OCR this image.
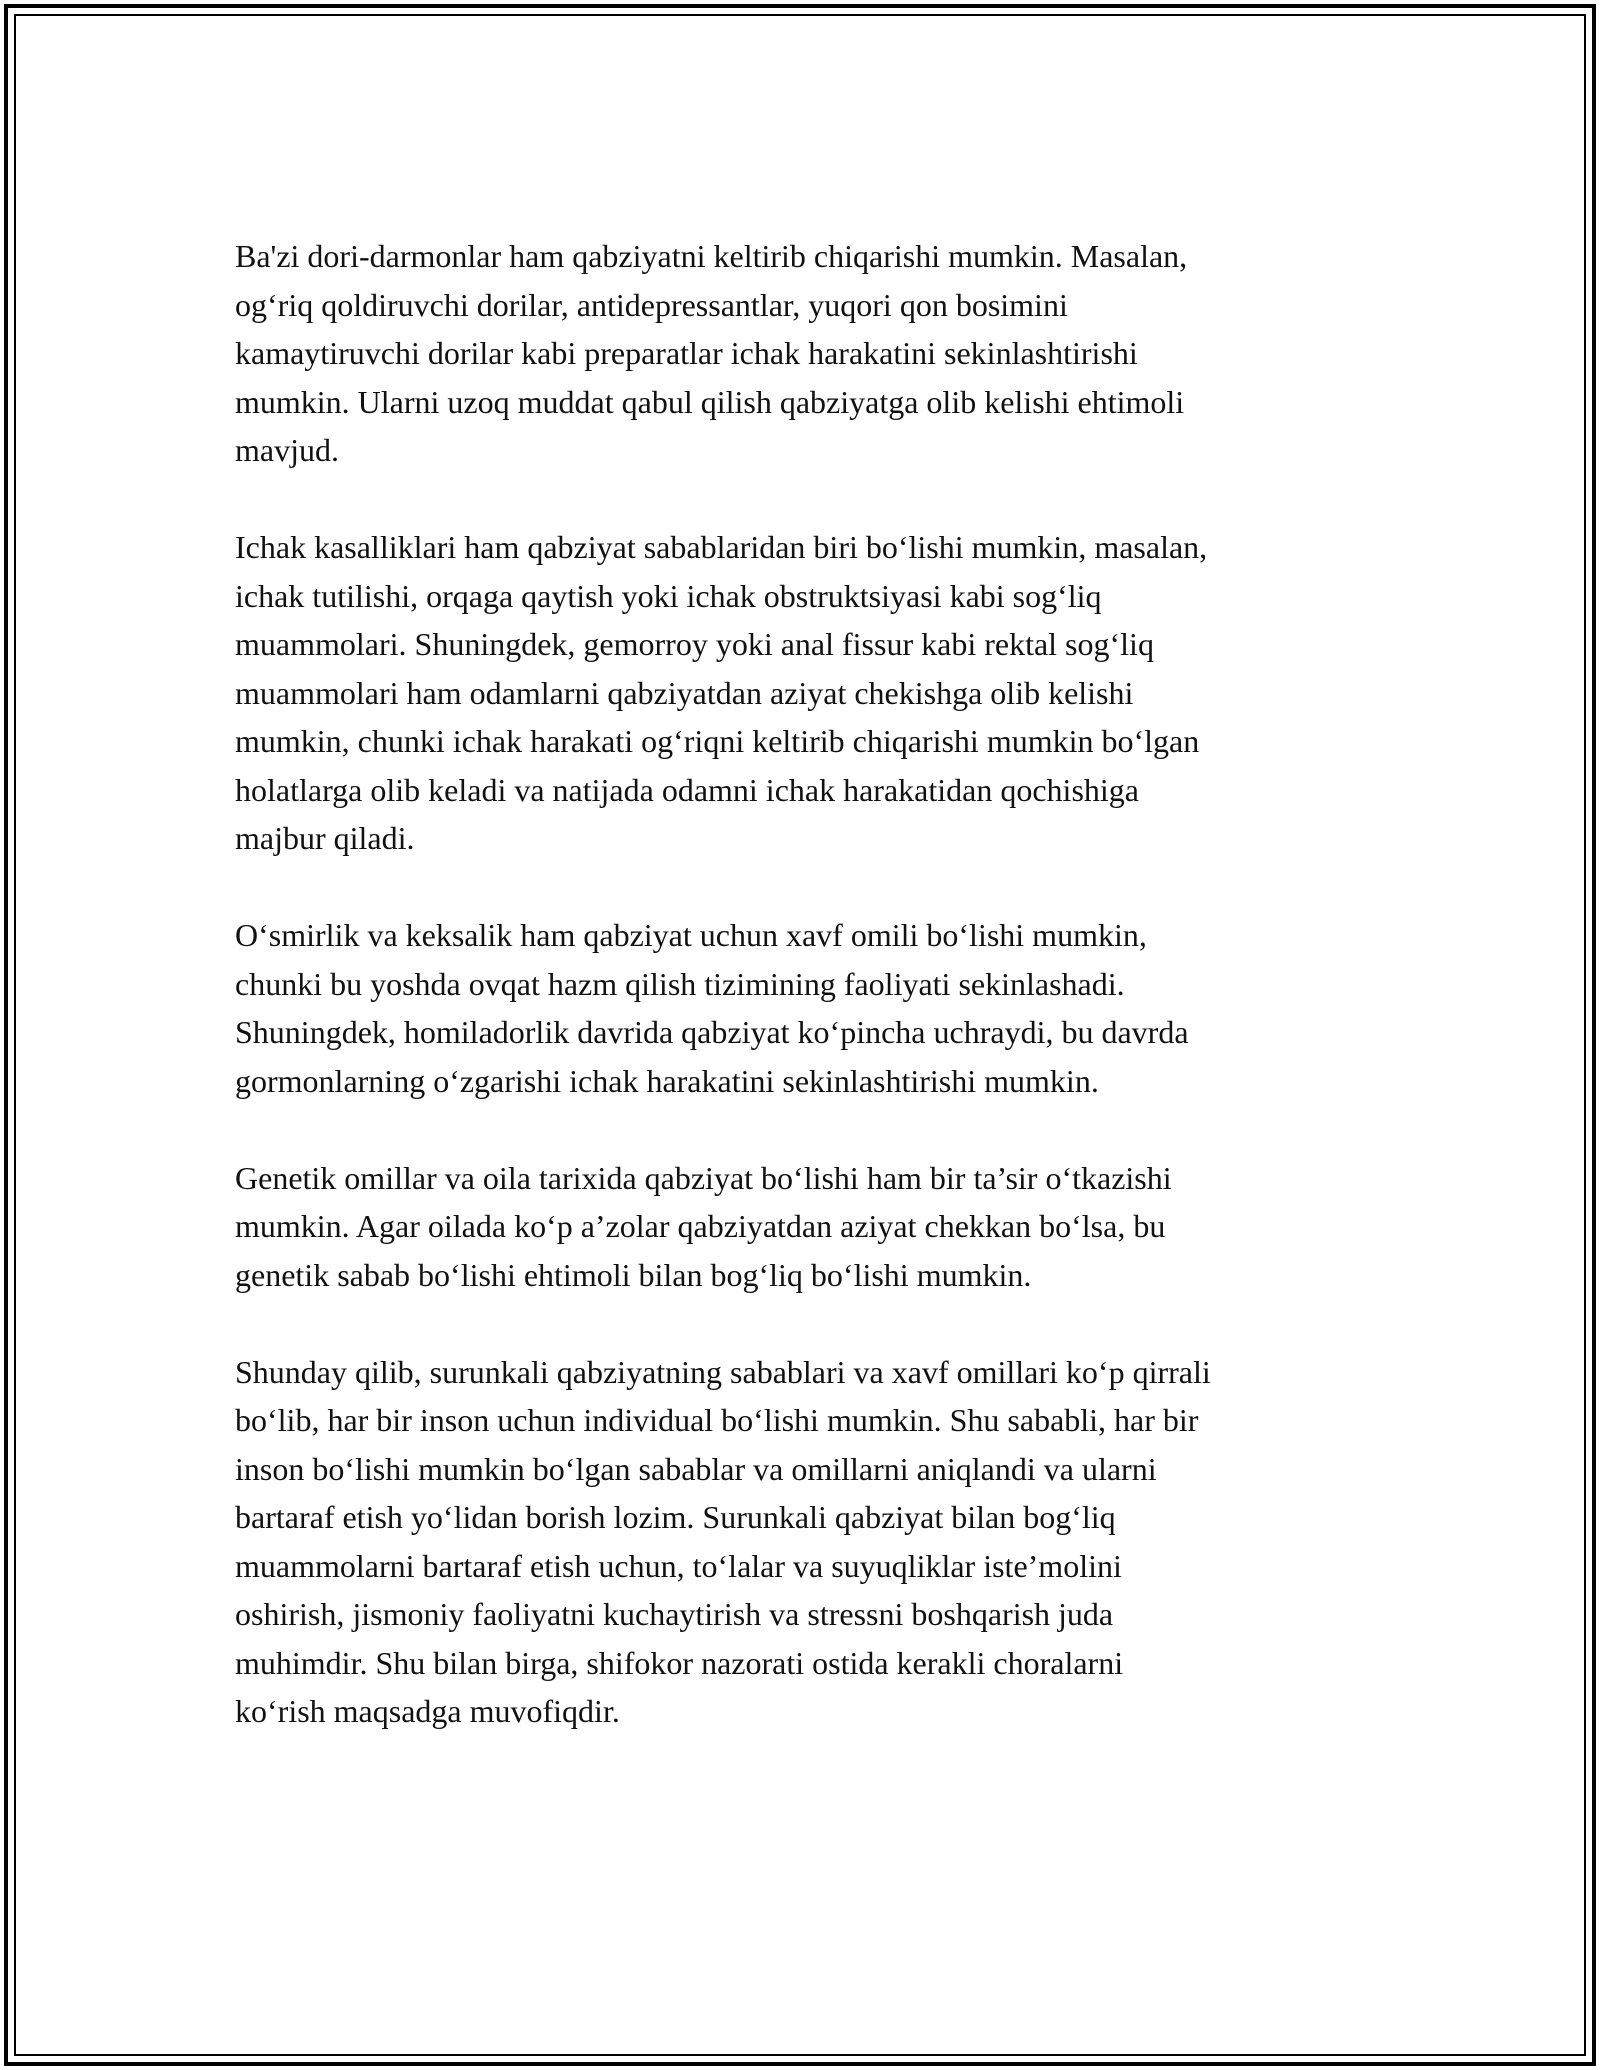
Ba'zi dori-darmonlar ham qabziyatni keltirib chiqarishi mumkin. Masalan,
og‘riq qoldiruvchi dorilar, antidepressantlar, yuqori qon bosimini
kamaytiruvchi dorilar kabi preparatlar ichak harakatini sekinlashtirishi
mumkin. Ularni uzoq muddat qabul qilish qabziyatga olib kelishi ehtimoli
mavjud.

Ichak kasalliklari ham qabziyat sabablaridan biri bo‘lishi mumkin, masalan,
ichak tutilishi, orqaga qaytish yoki ichak obstruktsiyasi kabi sog‘liq
muammolari. Shuningdek, gemorroy yoki anal fissur kabi rektal sog‘liq
muammolari ham odamlarni qabziyatdan aziyat chekishga olib kelishi
mumkin, chunki ichak harakati og‘riqni keltirib chiqarishi mumkin bo‘lgan
holatlarga olib keladi va natijada odamni ichak harakatidan qochishiga
majbur qiladi.

O‘smirlik va keksalik ham qabziyat uchun xavf omili bo‘lishi mumkin,
chunki bu yoshda ovqat hazm qilish tizimining faoliyati sekinlashadi.
Shuningdek, homiladorlik davrida qabziyat ko‘pincha uchraydi, bu davrda
gormonlarning o‘zgarishi ichak harakatini sekinlashtirishi mumkin.

Genetik omillar va oila tarixida qabziyat bo‘lishi ham bir ta’sir o‘tkazishi
mumkin. Agar oilada ko‘p a’zolar qabziyatdan aziyat chekkan bo‘lsa, bu
genetik sabab bo‘lishi ehtimoli bilan bog‘liq bo‘lishi mumkin.

Shunday qilib, surunkali qabziyatning sabablari va xavf omillari ko‘p qirrali
bo‘lib, har bir inson uchun individual bo‘lishi mumkin. Shu sababli, har bir
inson bo‘lishi mumkin bo‘lgan sabablar va omillarni aniqlandi va ularni
bartaraf etish yo‘lidan borish lozim. Surunkali qabziyat bilan bog‘liq
muammolarni bartaraf etish uchun, to‘lalar va suyuqliklar iste’molini
oshirish, jismoniy faoliyatni kuchaytirish va stressni boshqarish juda
muhimdir. Shu bilan birga, shifokor nazorati ostida kerakli choralarni
ko‘rish maqsadga muvofiqdir.
